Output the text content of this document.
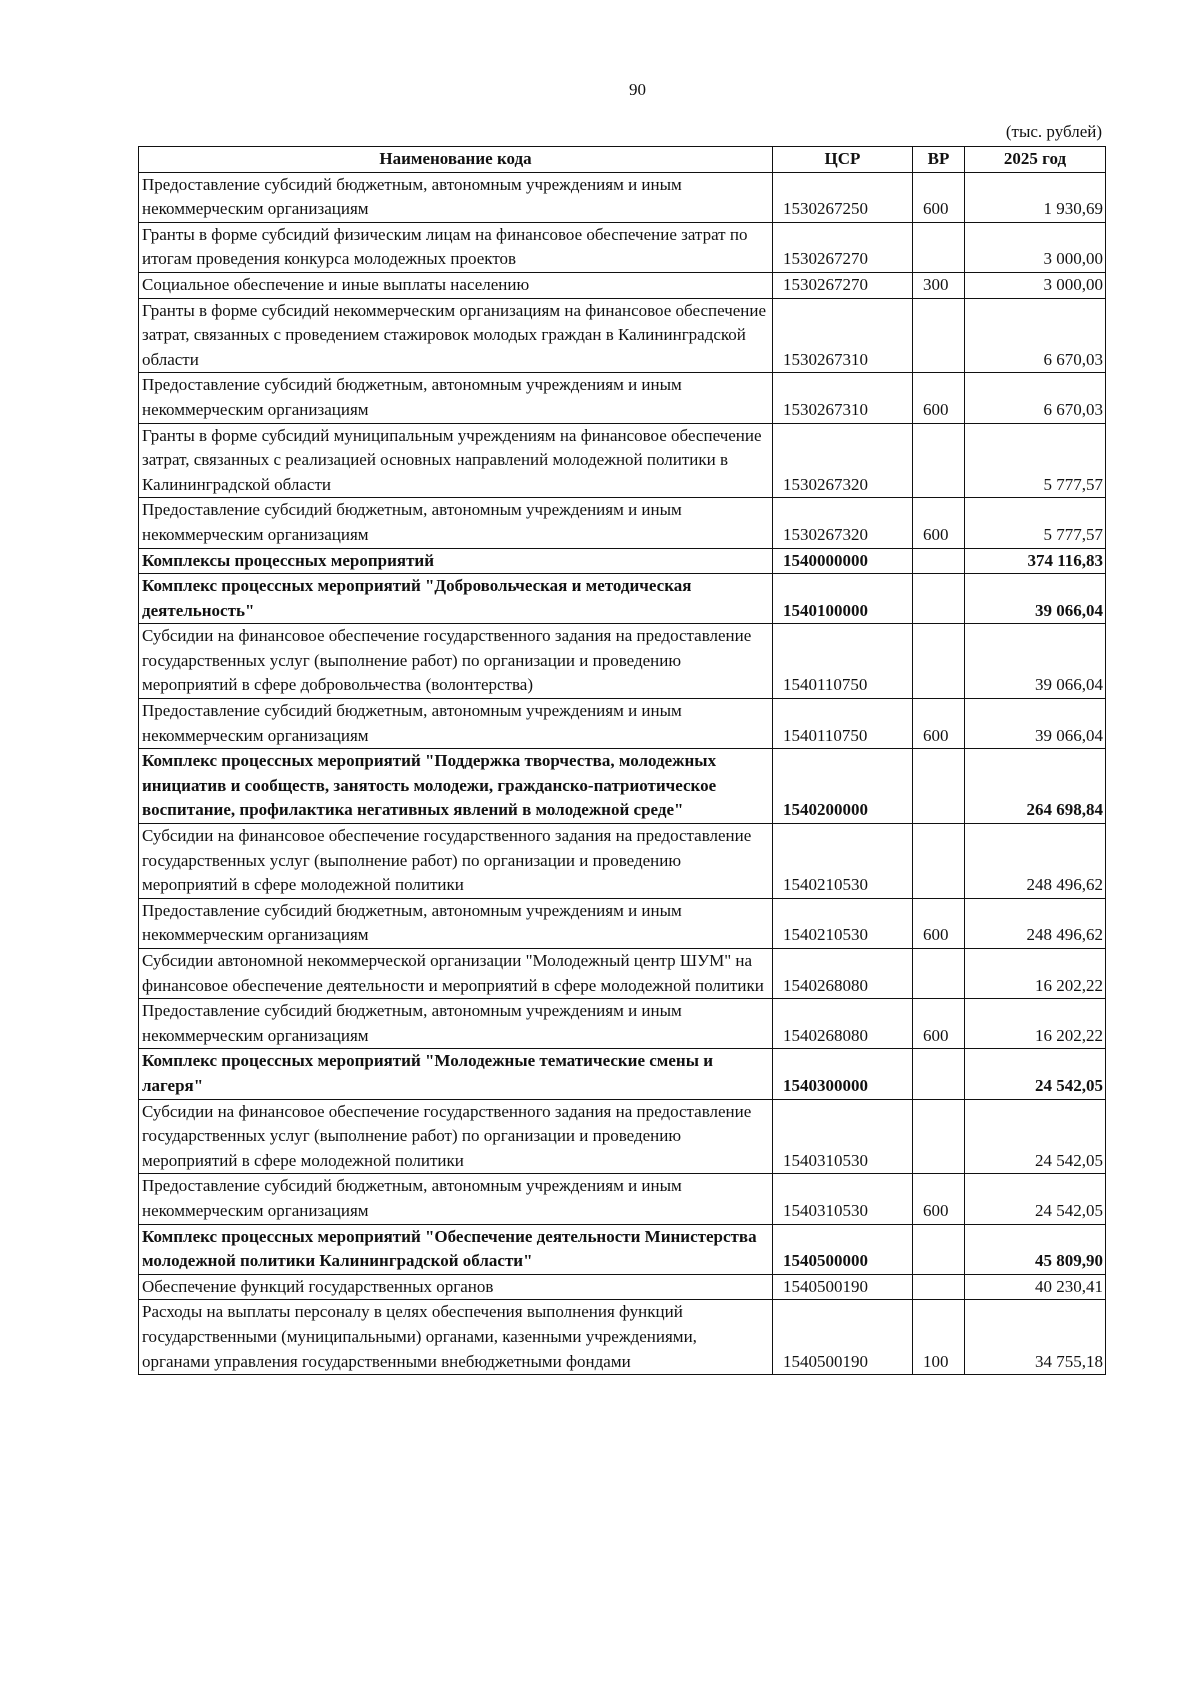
90
(тыс. рублей)
Наименование кода	ЦСР	ВР	2025 год
Предоставление субсидий бюджетным, автономным учреждениям и иным некоммерческим организациям	1530267250	600	1 930,69
Гранты в форме субсидий физическим лицам на финансовое обеспечение затрат по итогам проведения конкурса молодежных проектов	1530267270		3 000,00
Социальное обеспечение и иные выплаты населению	1530267270	300	3 000,00
Гранты в форме субсидий некоммерческим организациям на финансовое обеспечение затрат, связанных с проведением стажировок молодых граждан в Калининградской области	1530267310		6 670,03
Предоставление субсидий бюджетным, автономным учреждениям и иным некоммерческим организациям	1530267310	600	6 670,03
Гранты в форме субсидий муниципальным учреждениям на финансовое обеспечение затрат, связанных с реализацией основных направлений молодежной политики в Калининградской области	1530267320		5 777,57
Предоставление субсидий бюджетным, автономным учреждениям и иным некоммерческим организациям	1530267320	600	5 777,57
Комплексы процессных мероприятий	1540000000		374 116,83
Комплекс процессных мероприятий "Добровольческая и методическая деятельность"	1540100000		39 066,04
Субсидии на финансовое обеспечение государственного задания на предоставление государственных услуг (выполнение работ) по организации и проведению мероприятий в сфере добровольчества (волонтерства)	1540110750		39 066,04
Предоставление субсидий бюджетным, автономным учреждениям и иным некоммерческим организациям	1540110750	600	39 066,04
Комплекс процессных мероприятий "Поддержка творчества, молодежных инициатив и сообществ, занятость молодежи, гражданско-патриотическое воспитание, профилактика негативных явлений в молодежной среде"	1540200000		264 698,84
Субсидии на финансовое обеспечение государственного задания на предоставление государственных услуг (выполнение работ) по организации и проведению мероприятий в сфере молодежной политики	1540210530		248 496,62
Предоставление субсидий бюджетным, автономным учреждениям и иным некоммерческим организациям	1540210530	600	248 496,62
Субсидии автономной некоммерческой организации "Молодежный центр ШУМ" на финансовое обеспечение деятельности и мероприятий в сфере молодежной политики	1540268080		16 202,22
Предоставление субсидий бюджетным, автономным учреждениям и иным некоммерческим организациям	1540268080	600	16 202,22
Комплекс процессных мероприятий "Молодежные тематические смены и лагеря"	1540300000		24 542,05
Субсидии на финансовое обеспечение государственного задания на предоставление государственных услуг (выполнение работ) по организации и проведению мероприятий в сфере молодежной политики	1540310530		24 542,05
Предоставление субсидий бюджетным, автономным учреждениям и иным некоммерческим организациям	1540310530	600	24 542,05
Комплекс процессных мероприятий "Обеспечение деятельности Министерства молодежной политики Калининградской области"	1540500000		45 809,90
Обеспечение функций государственных органов	1540500190		40 230,41
Расходы на выплаты персоналу в целях обеспечения выполнения функций государственными (муниципальными) органами, казенными учреждениями, органами управления государственными внебюджетными фондами	1540500190	100	34 755,18
